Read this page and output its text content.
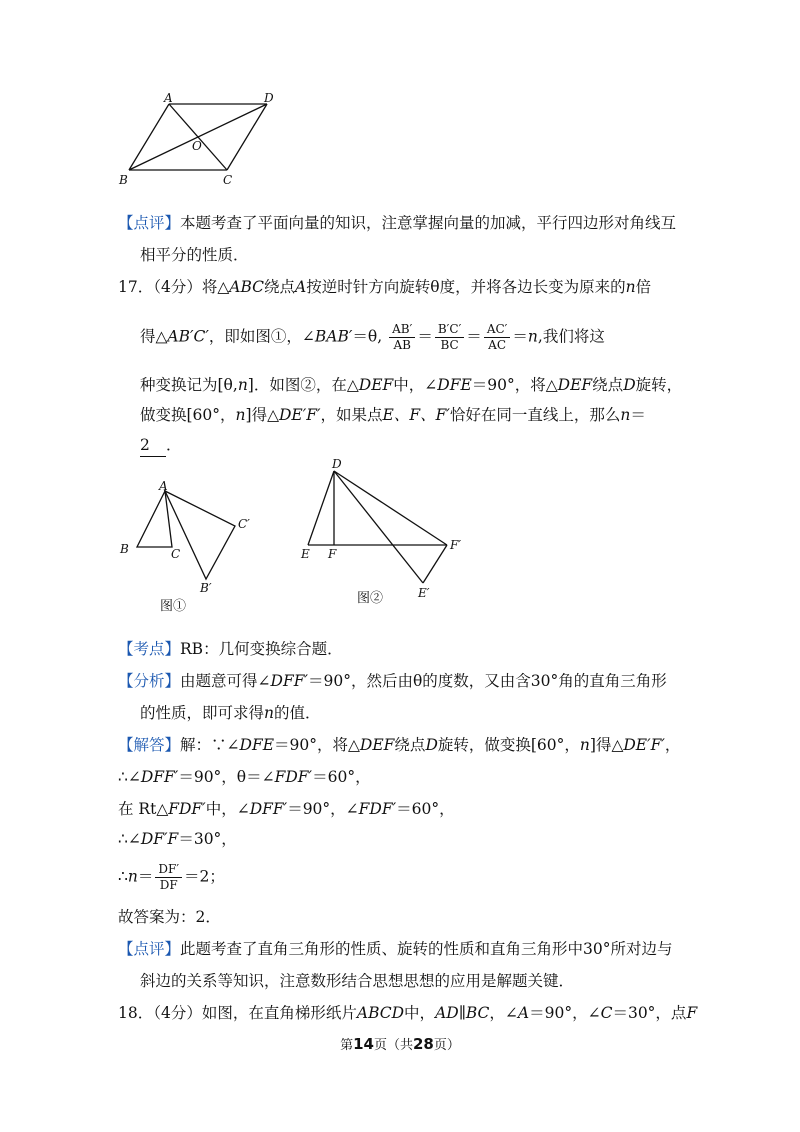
A	D
O
B	C
【点评】本题考查了平面向量的知识，注意掌握向量的加减，平行四边形对角线互
相平分的性质．
17．（4分）将△ABC绕点A按逆时针方向旋转θ度，并将各边长变为原来的n倍
得△AB′C′，即如图①，∠BAB′＝θ, $\frac{AB'}{AB} = \frac{B'C'}{BC} = \frac{AC'}{AC} =n$,我们将这
种变换记为[θ,n]．如图②，在△DEF中，∠DFE＝90°，将△DEF绕点D旋转，
做变换[60°，n]得△DE′F′，如果点E、F、F′恰好在同一直线上，那么n＝
2 ．
A
B	C
C′
B′
图①
D
E F
F′
E′
图②
【考点】RB：几何变换综合题．
【分析】由题意可得∠DFF′＝90°，然后由θ的度数，又由含30°角的直角三角形
的性质，即可求得n的值．
【解答】解：∵∠DFE＝90°，将△DEF绕点D旋转，做变换[60°，n]得△DE′F′，
∴∠DFF′＝90°，θ＝∠FDF′＝60°，
在 Rt△FDF′中，∠DFF′＝90°，∠FDF′＝60°，
∴∠DF′F＝30°，
∴n＝ $\frac{DF'}{DF} =2$；
故答案为：2．
【点评】此题考查了直角三角形的性质、旋转的性质和直角三角形中30°所对边与
斜边的关系等知识，注意数形结合思想思想的应用是解题关键．
18．（4分）如图，在直角梯形纸片ABCD中，AD∥BC，∠A＝90°，∠C＝30°，点F
第14页（共28页）
